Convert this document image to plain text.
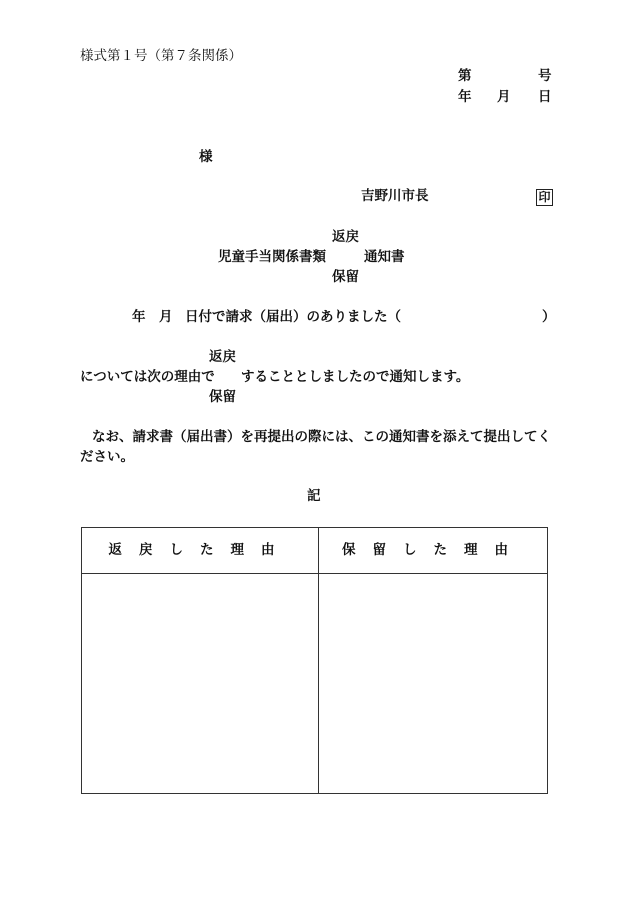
様式第１号（第７条関係）
第	号
年 月 日
様
吉野川市長	印
返戻
児童手当関係書類	通知書
保留
年 月 日付で請求（届出）のありました（	）
返戻
については次の理由で することとしましたので通知します。
保留
なお、請求書（届出書）を再提出の際には、この通知書を添えて提出してく
ださい。
記
返戻した理由	保留した理由
